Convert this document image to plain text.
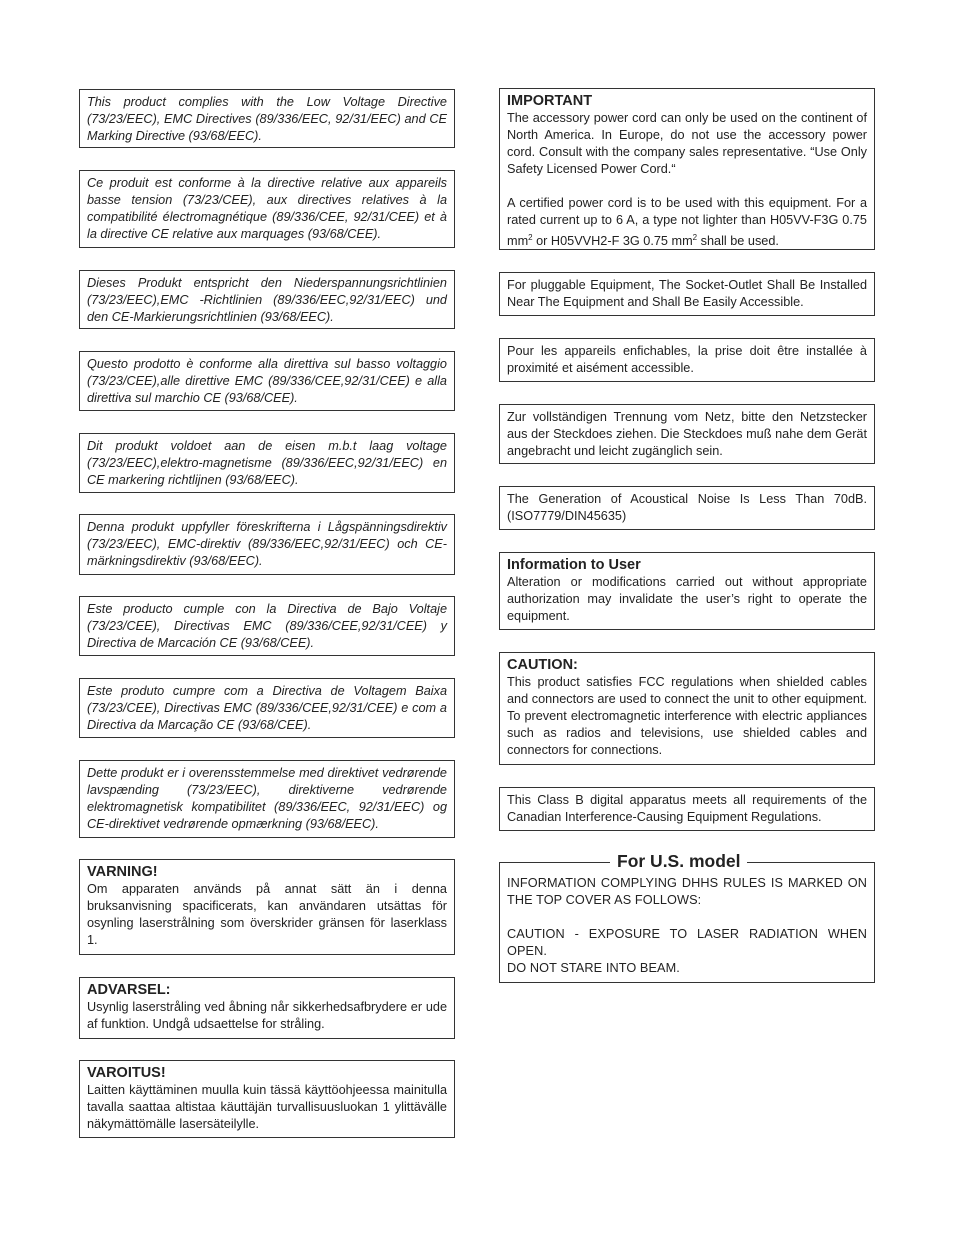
This product complies with the Low Voltage Directive (73/23/EEC), EMC Directives (89/336/EEC, 92/31/EEC) and CE Marking Directive (93/68/EEC).

Ce produit est conforme à la directive relative aux appareils basse tension (73/23/CEE), aux directives relatives à la compatibilité électromagnétique (89/336/CEE, 92/31/CEE) et à la directive CE relative aux marquages (93/68/CEE).

Dieses Produkt entspricht den Niederspannungsrichtlinien (73/23/EEC),EMC -Richtlinien (89/336/EEC,92/31/EEC) und den CE-Markierungsrichtlinien (93/68/EEC).

Questo prodotto è conforme alla direttiva sul basso voltaggio (73/23/CEE),alle direttive EMC (89/336/CEE,92/31/CEE) e alla direttiva sul marchio CE (93/68/CEE).

Dit produkt voldoet aan de eisen m.b.t laag voltage (73/23/EEC),elektro-magnetisme (89/336/EEC,92/31/EEC) en CE markering richtlijnen (93/68/EEC).

Denna produkt uppfyller föreskrifterna i Lågspänningsdirektiv (73/23/EEC), EMC-direktiv (89/336/EEC,92/31/EEC) och CE-märkningsdirektiv (93/68/EEC).

Este producto cumple con la Directiva de Bajo Voltaje (73/23/CEE), Directivas EMC (89/336/CEE,92/31/CEE) y Directiva de Marcación CE (93/68/CEE).

Este produto cumpre com a Directiva de Voltagem Baixa (73/23/CEE), Directivas EMC (89/336/CEE,92/31/CEE) e com a Directiva da Marcação CE (93/68/CEE).

Dette produkt er i overensstemmelse med direktivet vedrørende lavspænding (73/23/EEC), direktiverne vedrørende elektromagnetisk kompatibilitet (89/336/EEC, 92/31/EEC) og CE-direktivet vedrørende opmærkning (93/68/EEC).

VARNING!

Om apparaten används på annat sätt än i denna bruksanvisning spacificerats, kan användaren utsättas för osynling laserstrålning som överskrider gränsen för laserklass 1.

ADVARSEL:

Usynlig laserstråling ved åbning når sikkerhedsafbrydere er ude af funktion. Undgå udsaettelse for stråling.

VAROITUS!

Laitten käyttäminen muulla kuin tässä käyttöohjeessa mainitulla tavalla saattaa altistaa käuttäjän turvallisuusluokan 1 ylittävälle näkymättömälle lasersäteilylle.

IMPORTANT

The accessory power cord can only be used on the continent of North America. In Europe, do not use the accessory power cord. Consult with the company sales representative. “Use Only Safety Licensed Power Cord.“

A certified power cord is to be used with this equipment. For a rated current up to 6 A, a type not lighter than H05VV-F3G 0.75 $mm^2$ or H05VVH2-F 3G 0.75 $mm^2$ shall be used.

For pluggable Equipment, The Socket-Outlet Shall Be Installed Near The Equipment and Shall Be Easily Accessible.

Pour les appareils enfichables, la prise doit être installée à proximité et aisément accessible.

Zur vollständigen Trennung vom Netz, bitte den Netzstecker aus der Steckdoes ziehen. Die Steckdoes muß nahe dem Gerät angebracht und leicht zugänglich sein.

The Generation of Acoustical Noise Is Less Than 70dB. (ISO7779/DIN45635)

Information to User

Alteration or modifications carried out without appropriate authorization may invalidate the user’s right to operate the equipment.

CAUTION:

This product satisfies FCC regulations when shielded cables and connectors are used to connect the unit to other equipment. To prevent electromagnetic interference with electric appliances such as radios and televisions, use shielded cables and connectors for connections.

This Class B digital apparatus meets all requirements of the Canadian Interference-Causing Equipment Regulations.

For U.S. model

INFORMATION COMPLYING DHHS RULES IS MARKED ON THE TOP COVER AS FOLLOWS:

CAUTION - EXPOSURE TO LASER RADIATION WHEN OPEN.

DO NOT STARE INTO BEAM.
